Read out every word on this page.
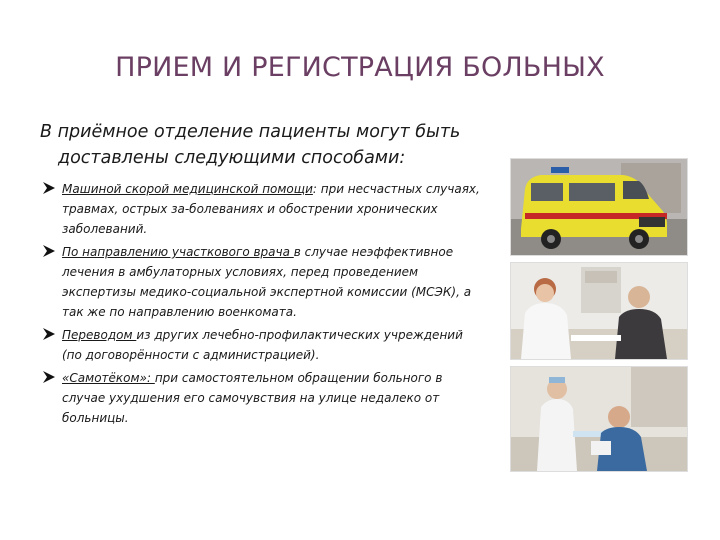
ПРИЕМ И РЕГИСТРАЦИЯ БОЛЬНЫХ
В приёмное отделение пациенты могут быть доставлены следующими способами:
Машиной скорой медицинской помощи: при несчастных случаях, травмах, острых за-болеваниях и обострении хронических заболеваний.
По направлению участкового врача в случае неэффективное лечения в амбулаторных условиях, перед проведением экспертизы медико-социальной экспертной комиссии (МСЭК), а так же по направлению военкомата.
Переводом из других лечебно-профилактических учреждений (по договорённости с администрацией).
«Самотёком»: при самостоятельном обращении больного в случае ухудшения его самочувствия на улице недалеко от больницы.
